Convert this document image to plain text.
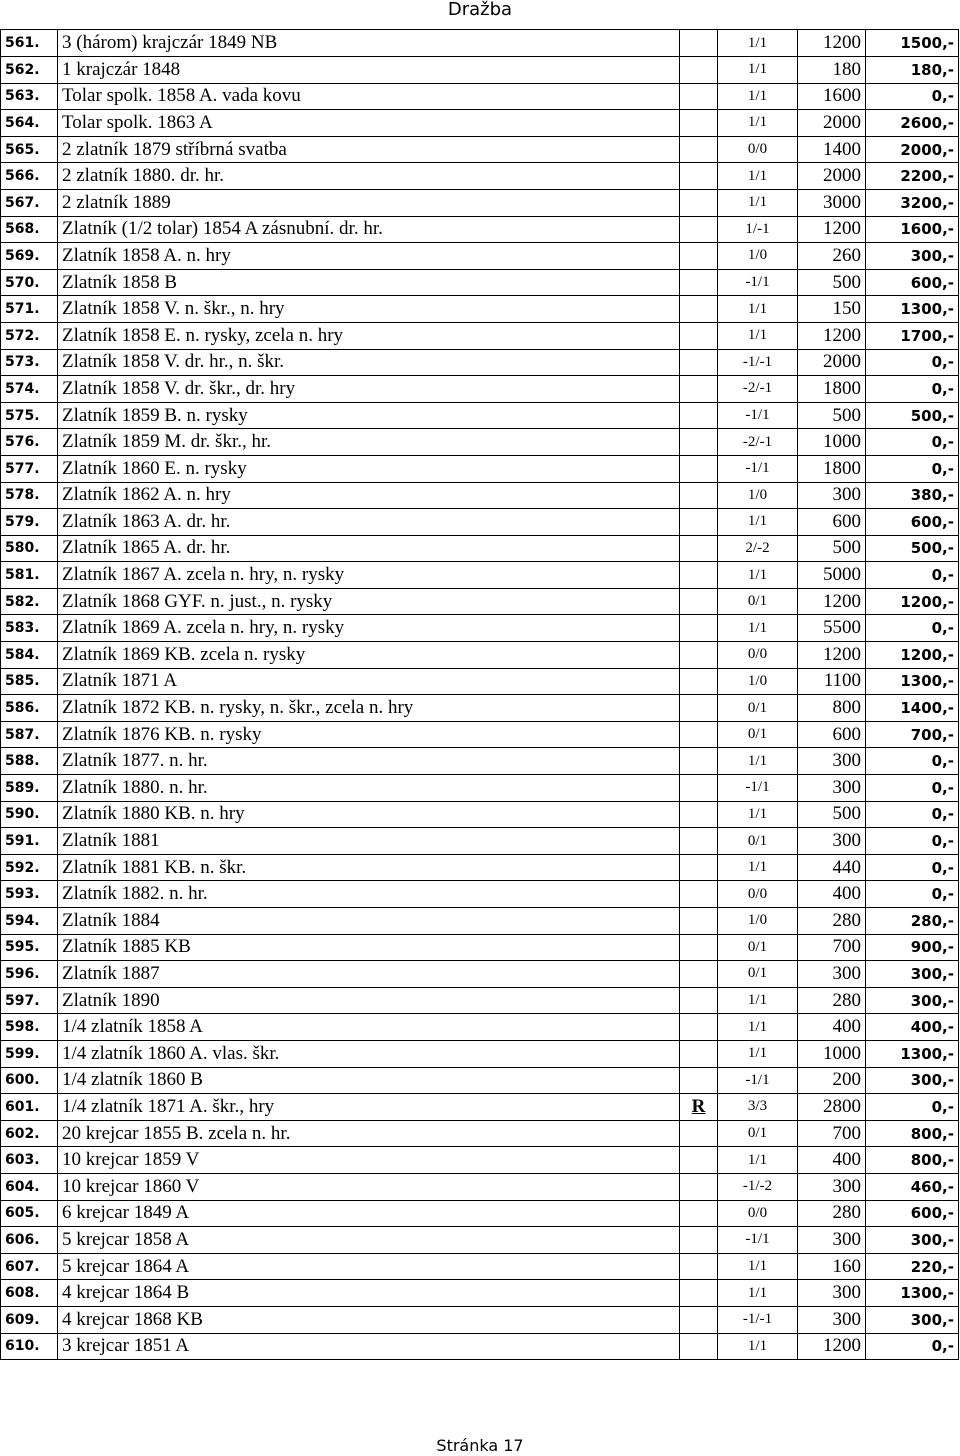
Dražba
561.	3 (három) krajczár 1849 NB		1/1	1200	1500,-
562.	1 krajczár 1848		1/1	180	180,-
563.	Tolar spolk. 1858 A. vada kovu		1/1	1600	0,-
564.	Tolar spolk. 1863 A		1/1	2000	2600,-
565.	2 zlatník 1879 stříbrná svatba		0/0	1400	2000,-
566.	2 zlatník 1880. dr. hr.		1/1	2000	2200,-
567.	2 zlatník 1889		1/1	3000	3200,-
568.	Zlatník (1/2 tolar) 1854 A zásnubní. dr. hr.		1/-1	1200	1600,-
569.	Zlatník 1858 A. n. hry		1/0	260	300,-
570.	Zlatník 1858 B		-1/1	500	600,-
571.	Zlatník 1858 V. n. škr., n. hry		1/1	150	1300,-
572.	Zlatník 1858 E. n. rysky, zcela n. hry		1/1	1200	1700,-
573.	Zlatník 1858 V. dr. hr., n. škr.		-1/-1	2000	0,-
574.	Zlatník 1858 V. dr. škr., dr. hry		-2/-1	1800	0,-
575.	Zlatník 1859 B. n. rysky		-1/1	500	500,-
576.	Zlatník 1859 M. dr. škr., hr.		-2/-1	1000	0,-
577.	Zlatník 1860 E. n. rysky		-1/1	1800	0,-
578.	Zlatník 1862 A. n. hry		1/0	300	380,-
579.	Zlatník 1863 A. dr. hr.		1/1	600	600,-
580.	Zlatník 1865 A. dr. hr.		2/-2	500	500,-
581.	Zlatník 1867 A. zcela n. hry, n. rysky		1/1	5000	0,-
582.	Zlatník 1868 GYF. n. just., n. rysky		0/1	1200	1200,-
583.	Zlatník 1869 A. zcela n. hry, n. rysky		1/1	5500	0,-
584.	Zlatník 1869 KB. zcela n. rysky		0/0	1200	1200,-
585.	Zlatník 1871 A		1/0	1100	1300,-
586.	Zlatník 1872 KB. n. rysky, n. škr., zcela n. hry		0/1	800	1400,-
587.	Zlatník 1876 KB. n. rysky		0/1	600	700,-
588.	Zlatník 1877. n. hr.		1/1	300	0,-
589.	Zlatník 1880. n. hr.		-1/1	300	0,-
590.	Zlatník 1880 KB. n. hry		1/1	500	0,-
591.	Zlatník 1881		0/1	300	0,-
592.	Zlatník 1881 KB. n. škr.		1/1	440	0,-
593.	Zlatník 1882. n. hr.		0/0	400	0,-
594.	Zlatník 1884		1/0	280	280,-
595.	Zlatník 1885 KB		0/1	700	900,-
596.	Zlatník 1887		0/1	300	300,-
597.	Zlatník 1890		1/1	280	300,-
598.	1/4 zlatník 1858 A		1/1	400	400,-
599.	1/4 zlatník 1860 A. vlas. škr.		1/1	1000	1300,-
600.	1/4 zlatník 1860 B		-1/1	200	300,-
601.	1/4 zlatník 1871 A. škr., hry	R	3/3	2800	0,-
602.	20 krejcar 1855 B. zcela n. hr.		0/1	700	800,-
603.	10 krejcar 1859 V		1/1	400	800,-
604.	10 krejcar 1860 V		-1/-2	300	460,-
605.	6 krejcar 1849 A		0/0	280	600,-
606.	5 krejcar 1858 A		-1/1	300	300,-
607.	5 krejcar 1864 A		1/1	160	220,-
608.	4 krejcar 1864 B		1/1	300	1300,-
609.	4 krejcar 1868 KB		-1/-1	300	300,-
610.	3 krejcar 1851 A		1/1	1200	0,-
Stránka 17
